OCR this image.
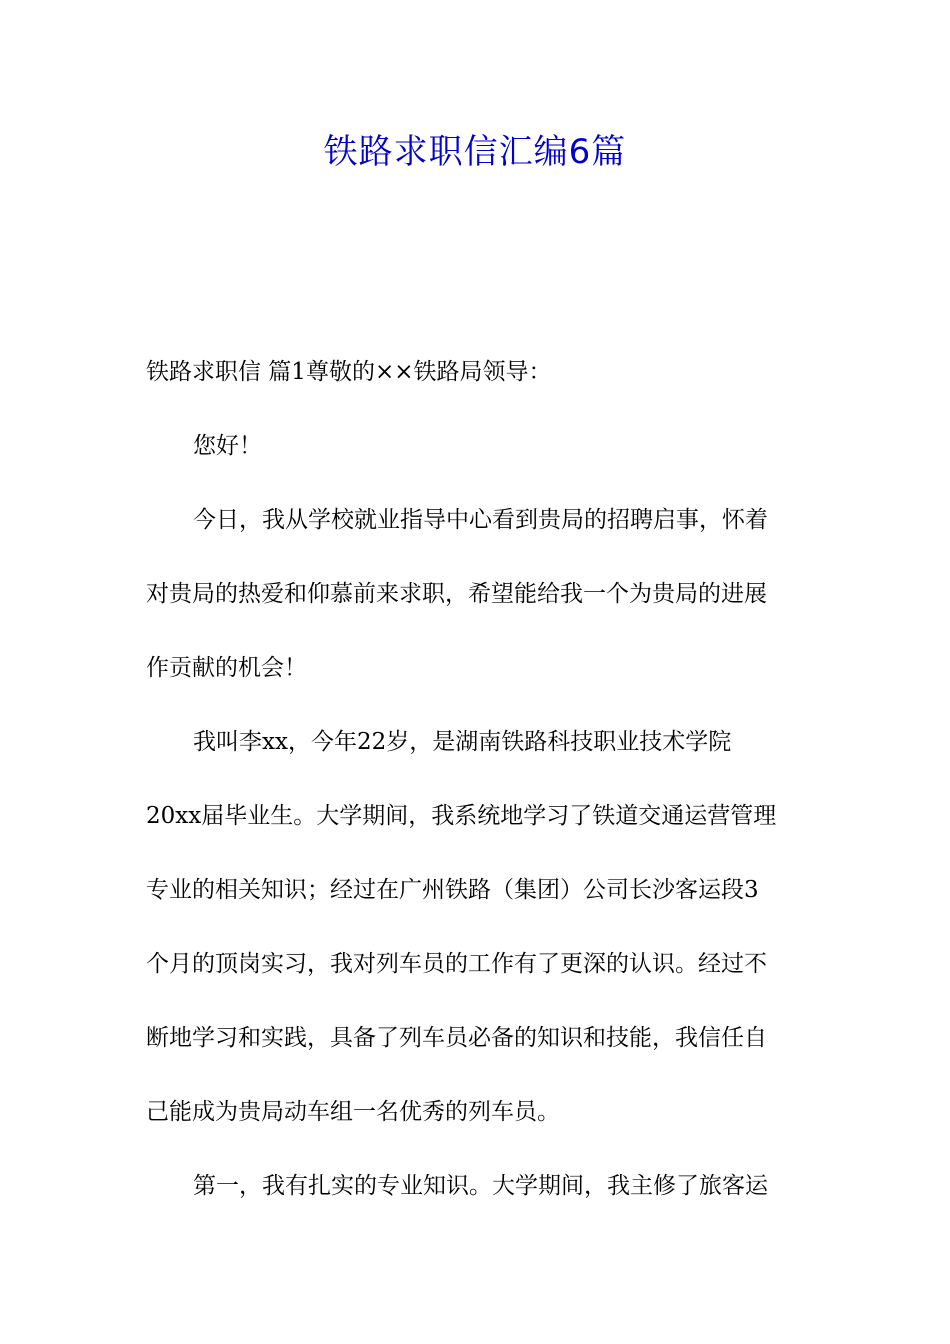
铁路求职信汇编6篇

铁路求职信 篇1尊敬的××铁路局领导：

您好！

今日，我从学校就业指导中心看到贵局的招聘启事，怀着

对贵局的热爱和仰慕前来求职，希望能给我一个为贵局的进展

作贡献的机会！

我叫李xx，今年22岁，是湖南铁路科技职业技术学院

20xx届毕业生。大学期间，我系统地学习了铁道交通运营管理

专业的相关知识；经过在广州铁路（集团）公司长沙客运段3

个月的顶岗实习，我对列车员的工作有了更深的认识。经过不

断地学习和实践，具备了列车员必备的知识和技能，我信任自

己能成为贵局动车组一名优秀的列车员。

第一，我有扎实的专业知识。大学期间，我主修了旅客运
